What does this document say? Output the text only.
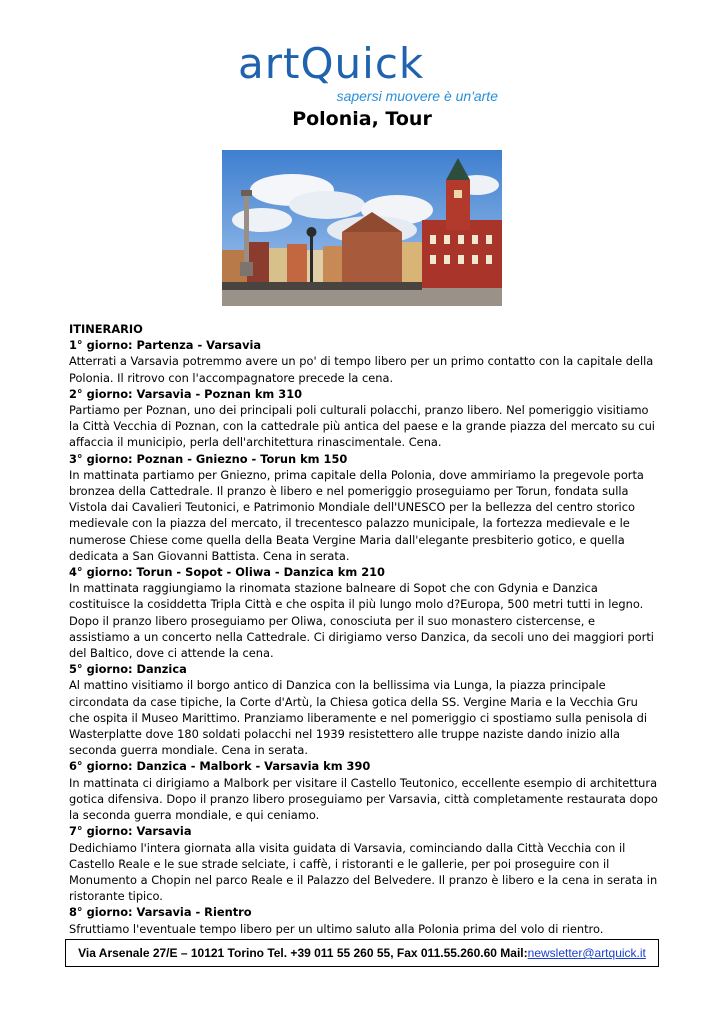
artQuick
sapersi muovere è un'arte
Polonia, Tour

ITINERARIO

1° giorno: Partenza - Varsavia

Atterrati a Varsavia potremmo avere un po' di tempo libero per un primo contatto con la capitale della Polonia. Il ritrovo con l'accompagnatore precede la cena.

2° giorno: Varsavia - Poznan km 310

Partiamo per Poznan, uno dei principali poli culturali polacchi, pranzo libero. Nel pomeriggio visitiamo la Città Vecchia di Poznan, con la cattedrale più antica del paese e la grande piazza del mercato su cui affaccia il municipio, perla dell'architettura rinascimentale. Cena.

3° giorno: Poznan - Gniezno - Torun km 150

In mattinata partiamo per Gniezno, prima capitale della Polonia, dove ammiriamo la pregevole porta bronzea della Cattedrale. Il pranzo è libero e nel pomeriggio proseguiamo per Torun, fondata sulla Vistola dai Cavalieri Teutonici, e Patrimonio Mondiale dell'UNESCO per la bellezza del centro storico medievale con la piazza del mercato, il trecentesco palazzo municipale, la fortezza medievale e le numerose Chiese come quella della Beata Vergine Maria dall'elegante presbiterio gotico, e quella dedicata a San Giovanni Battista. Cena in serata.

4° giorno: Torun - Sopot - Oliwa - Danzica km 210

In mattinata raggiungiamo la rinomata stazione balneare di Sopot che con Gdynia e Danzica costituisce la cosiddetta Tripla Città e che ospita il più lungo molo d?Europa, 500 metri tutti in legno. Dopo il pranzo libero proseguiamo per Oliwa, conosciuta per il suo monastero cistercense, e assistiamo a un concerto nella Cattedrale. Ci dirigiamo verso Danzica, da secoli uno dei maggiori porti del Baltico, dove ci attende la cena.

5° giorno: Danzica

Al mattino visitiamo il borgo antico di Danzica con la bellissima via Lunga, la piazza principale circondata da case tipiche, la Corte d'Artù, la Chiesa gotica della SS. Vergine Maria e la Vecchia Gru che ospita il Museo Marittimo. Pranziamo liberamente e nel pomeriggio ci spostiamo sulla penisola di Wasterplatte dove 180 soldati polacchi nel 1939 resistettero alle truppe naziste dando inizio alla seconda guerra mondiale. Cena in serata.

6° giorno: Danzica - Malbork - Varsavia km 390

In mattinata ci dirigiamo a Malbork per visitare il Castello Teutonico, eccellente esempio di architettura gotica difensiva. Dopo il pranzo libero proseguiamo per Varsavia, città completamente restaurata dopo la seconda guerra mondiale, e qui ceniamo.

7° giorno: Varsavia

Dedichiamo l'intera giornata alla visita guidata di Varsavia, cominciando dalla Città Vecchia con il Castello Reale e le sue strade selciate, i caffè, i ristoranti e le gallerie, per poi proseguire con il Monumento a Chopin nel parco Reale e il Palazzo del Belvedere. Il pranzo è libero e la cena in serata in ristorante tipico.

8° giorno: Varsavia - Rientro

Sfruttiamo l'eventuale tempo libero per un ultimo saluto alla Polonia prima del volo di rientro.

Via Arsenale 27/E – 10121 Torino Tel. +39 011 55 260 55, Fax 011.55.260.60 Mail: newsletter@artquick.it
